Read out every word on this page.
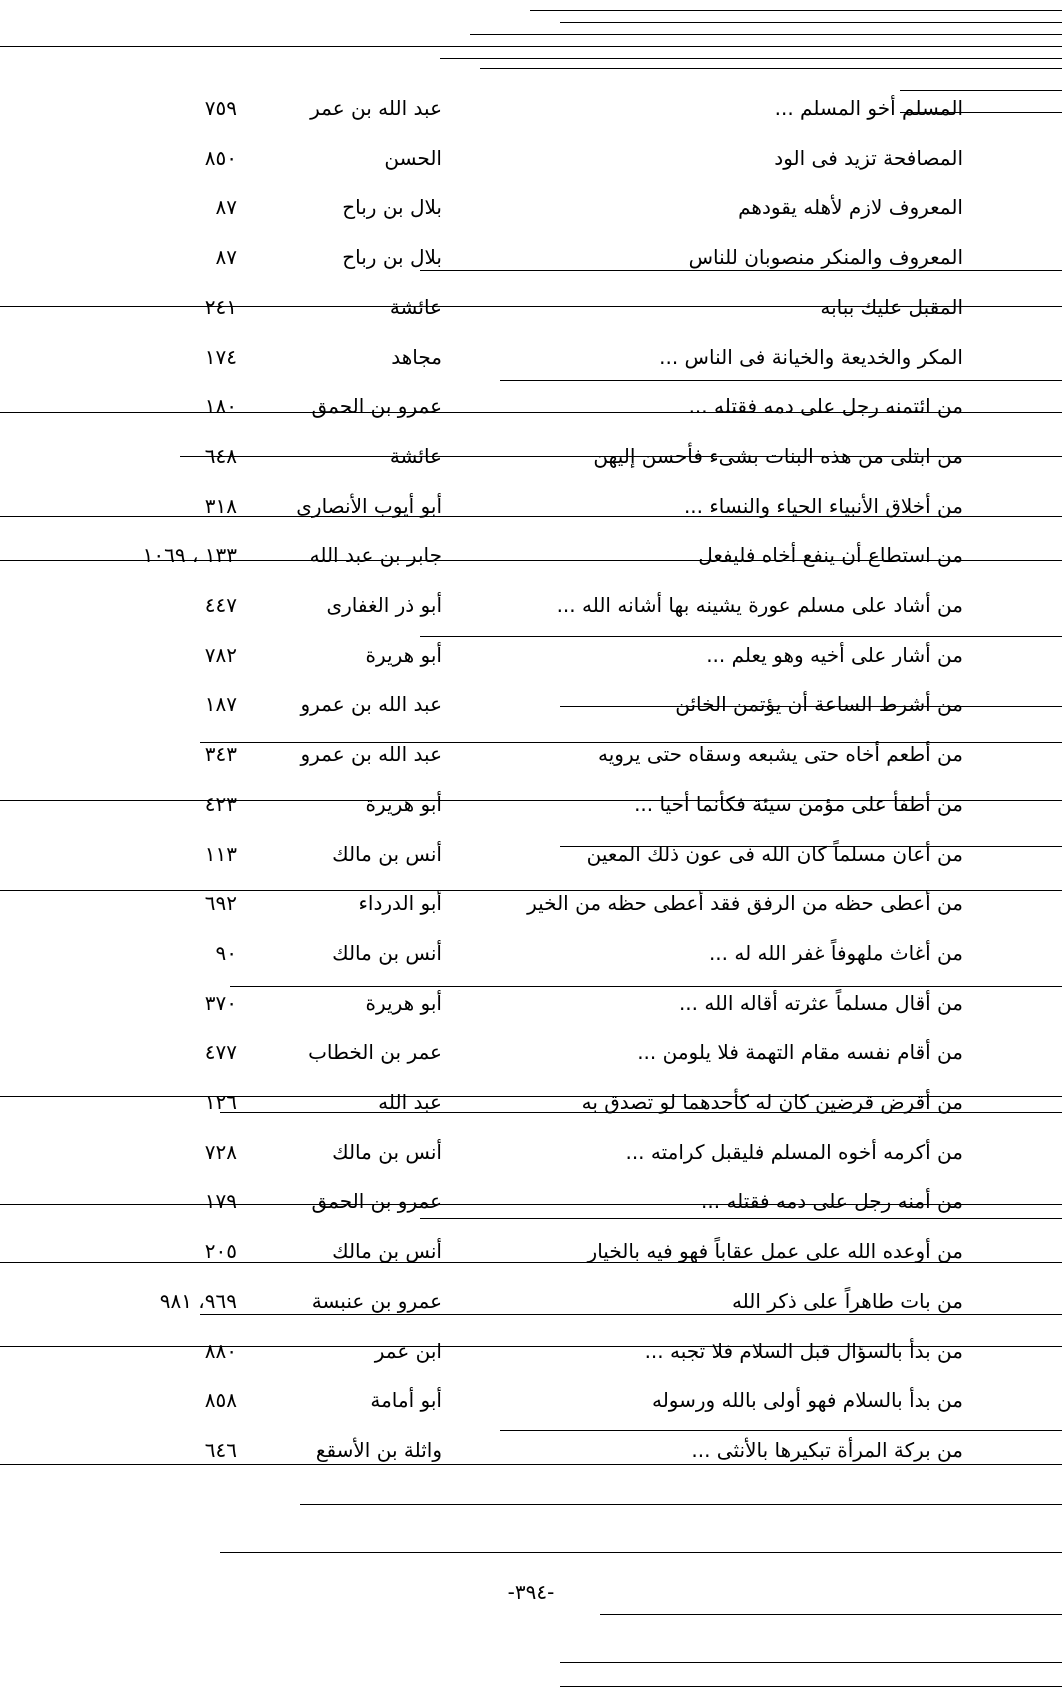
المسلم أخو المسلم ...
عبد الله بن عمر
٧٥٩
المصافحة تزيد فى الود
الحسن
٨٥٠
المعروف لازم لأهله يقودهم
بلال بن رباح
٨٧
المعروف والمنكر منصوبان للناس
بلال بن رباح
٨٧
المقبل عليك ببابه
عائشة
٢٤١
المكر والخديعة والخيانة فى الناس ...
مجاهد
١٧٤
من ائتمنه رجل على دمه فقتله ...
عمرو بن الحمق
١٨٠
من ابتلى من هذه البنات بشىء فأحسن إليهن
عائشة
٦٤٨
من أخلاق الأنبياء الحياء والنساء ...
أبو أيوب الأنصارى
٣١٨
من استطاع أن ينفع أخاه فليفعل
جابر بن عبد الله
١٣٣ ، ١٠٦٩
من أشاد على مسلم عورة يشينه بها أشانه الله ...
أبو ذر الغفارى
٤٤٧
من أشار على أخيه وهو يعلم ...
أبو هريرة
٧٨٢
من أشرط الساعة أن يؤتمن الخائن
عبد الله بن عمرو
١٨٧
من أطعم أخاه حتى يشبعه وسقاه حتى يرويه
عبد الله بن عمرو
٣٤٣
من أطفأ على مؤمن سيئة فكأنما أحيا ...
أبو هريرة
٤٢٣
من أعان مسلماً كان الله فى عون ذلك المعين
أنس بن مالك
١١٣
من أعطى حظه من الرفق فقد أعطى حظه من الخير
أبو الدرداء
٦٩٢
من أغاث ملهوفاً غفر الله له ...
أنس بن مالك
٩٠
من أقال مسلماً عثرته أقاله الله ...
أبو هريرة
٣٧٠
من أقام نفسه مقام التهمة فلا يلومن ...
عمر بن الخطاب
٤٧٧
من أقرض قرضين كان له كأحدهما لو تصدق به
عبد الله
١٢٦
من أكرمه أخوه المسلم فليقبل كرامته ...
أنس بن مالك
٧٢٨
من أمنه رجل على دمه فقتله ...
عمرو بن الحمق
١٧٩
من أوعده الله على عمل عقاباً فهو فيه بالخيار
أنس بن مالك
٢٠٥
من بات طاهراً على ذكر الله
عمرو بن عنبسة
٩٦٩، ٩٨١
من بدأ بالسؤال قبل السلام فلا تجبه ...
ابن عمر
٨٨٠
من بدأ بالسلام فهو أولى بالله ورسوله
أبو أمامة
٨٥٨
من بركة المرأة تبكيرها بالأنثى ...
واثلة بن الأسقع
٦٤٦
-٣٩٤-
